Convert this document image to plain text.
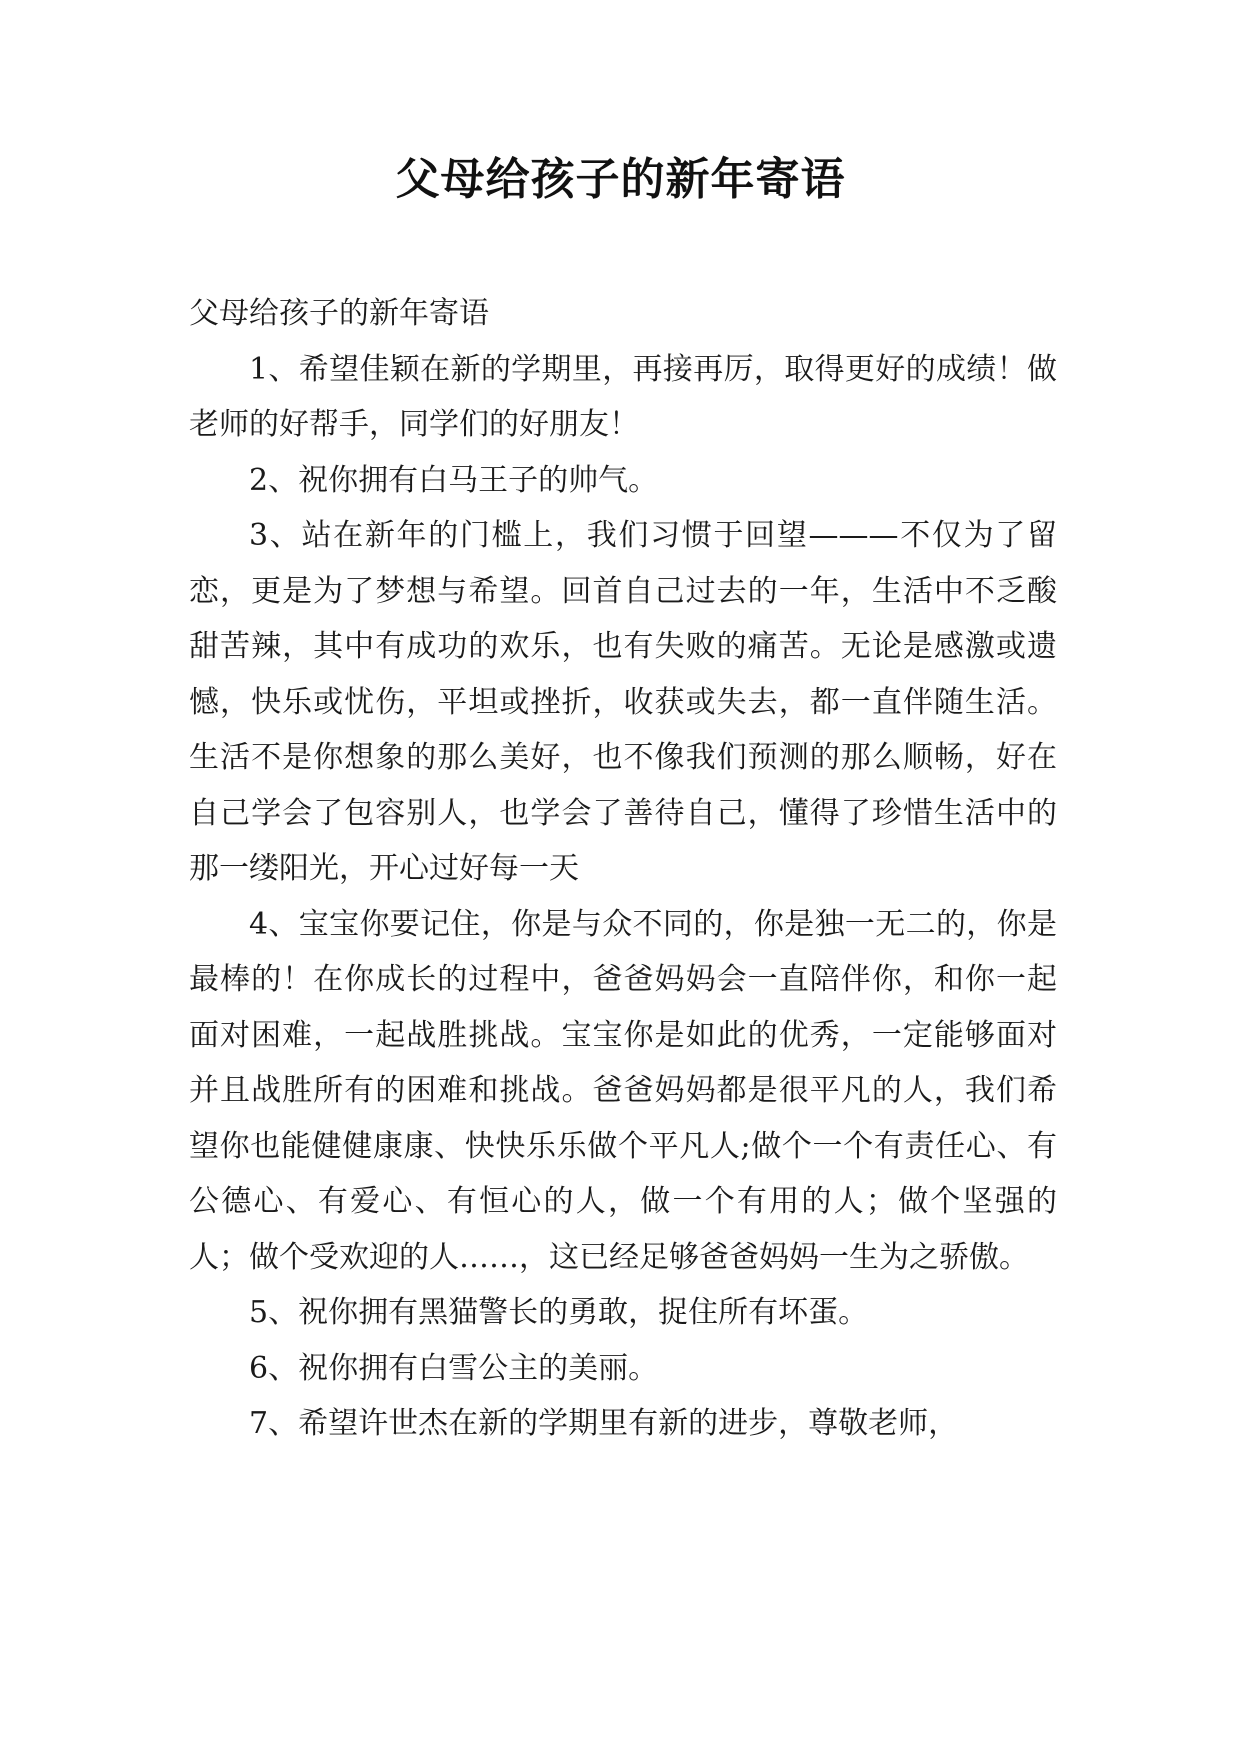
父母给孩子的新年寄语

父母给孩子的新年寄语

1、希望佳颖在新的学期里，再接再厉，取得更好的成绩！做老师的好帮手，同学们的好朋友！

2、祝你拥有白马王子的帅气。

3、站在新年的门槛上，我们习惯于回望———不仅为了留恋，更是为了梦想与希望。回首自己过去的一年，生活中不乏酸甜苦辣，其中有成功的欢乐，也有失败的痛苦。无论是感激或遗憾，快乐或忧伤，平坦或挫折，收获或失去，都一直伴随生活。生活不是你想象的那么美好，也不像我们预测的那么顺畅，好在自己学会了包容别人，也学会了善待自己，懂得了珍惜生活中的那一缕阳光，开心过好每一天

4、宝宝你要记住，你是与众不同的，你是独一无二的，你是最棒的！在你成长的过程中，爸爸妈妈会一直陪伴你，和你一起面对困难，一起战胜挑战。宝宝你是如此的优秀，一定能够面对并且战胜所有的困难和挑战。爸爸妈妈都是很平凡的人，我们希望你也能健健康康、快快乐乐做个平凡人;做个一个有责任心、有公德心、有爱心、有恒心的人，做一个有用的人；做个坚强的人；做个受欢迎的人……，这已经足够爸爸妈妈一生为之骄傲。

5、祝你拥有黑猫警长的勇敢，捉住所有坏蛋。

6、祝你拥有白雪公主的美丽。

7、希望许世杰在新的学期里有新的进步，尊敬老师，
